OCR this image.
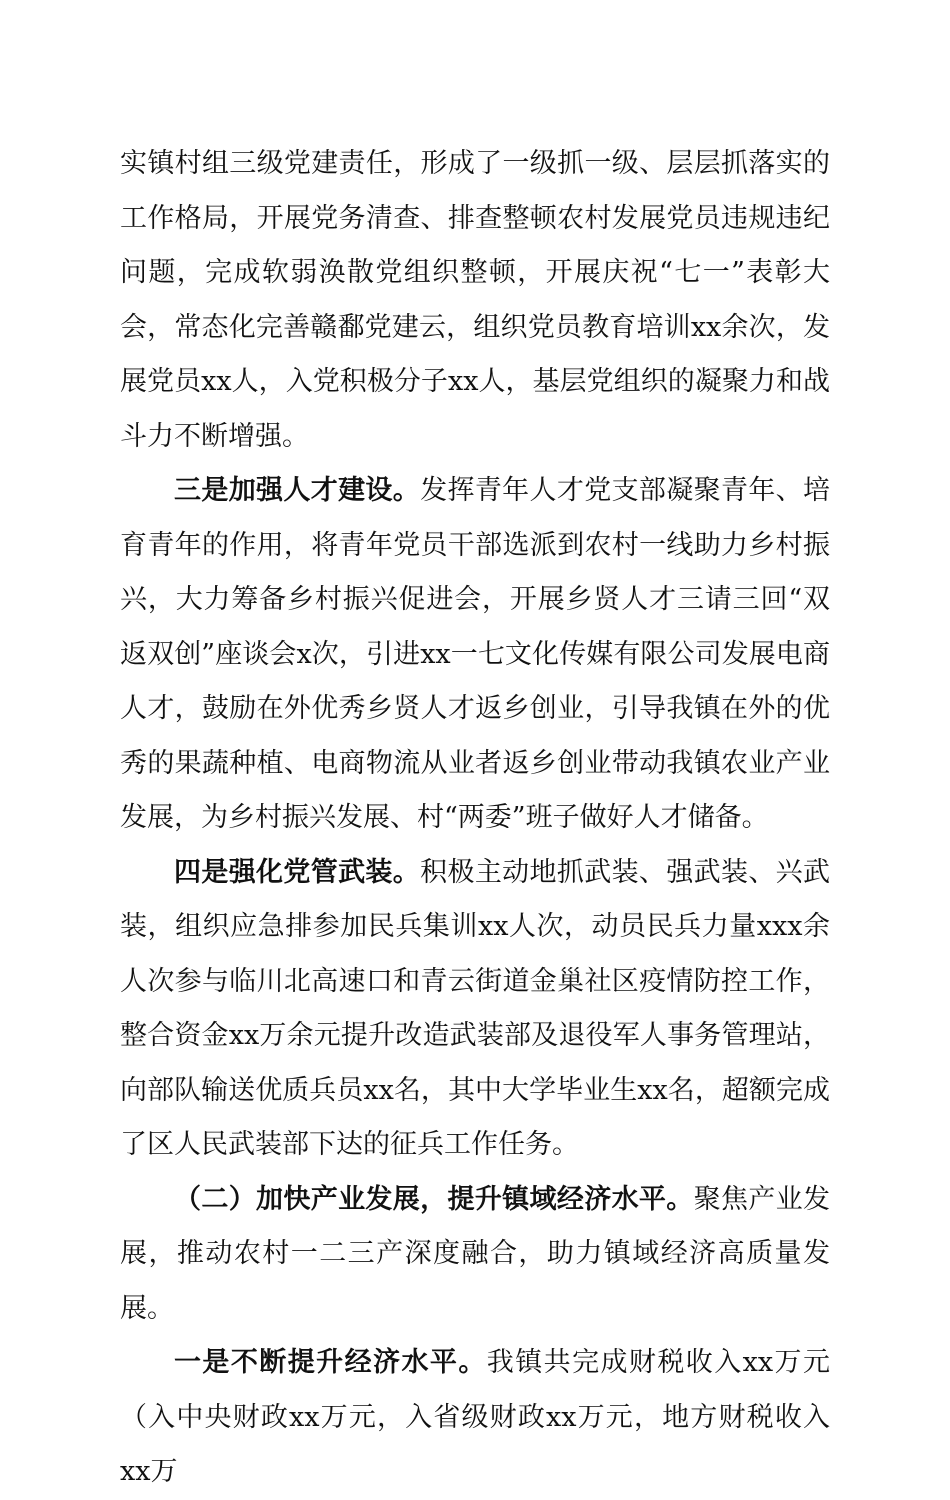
实镇村组三级党建责任，形成了一级抓一级、层层抓落实的工作格局，开展党务清查、排查整顿农村发展党员违规违纪问题，完成软弱涣散党组织整顿，开展庆祝“七一”表彰大会，常态化完善赣鄱党建云，组织党员教育培训xx余次，发展党员xx人，入党积极分子xx人，基层党组织的凝聚力和战斗力不断增强。

三是加强人才建设。发挥青年人才党支部凝聚青年、培育青年的作用，将青年党员干部选派到农村一线助力乡村振兴，大力筹备乡村振兴促进会，开展乡贤人才三请三回“双返双创”座谈会x次，引进xx一七文化传媒有限公司发展电商人才，鼓励在外优秀乡贤人才返乡创业，引导我镇在外的优秀的果蔬种植、电商物流从业者返乡创业带动我镇农业产业发展，为乡村振兴发展、村“两委”班子做好人才储备。

四是强化党管武装。积极主动地抓武装、强武装、兴武装，组织应急排参加民兵集训xx人次，动员民兵力量xxx余人次参与临川北高速口和青云街道金巢社区疫情防控工作，整合资金xx万余元提升改造武装部及退役军人事务管理站，向部队输送优质兵员xx名，其中大学毕业生xx名，超额完成了区人民武装部下达的征兵工作任务。

（二）加快产业发展，提升镇域经济水平。聚焦产业发展，推动农村一二三产深度融合，助力镇域经济高质量发展。

一是不断提升经济水平。我镇共完成财税收入xx万元（入中央财政xx万元，入省级财政xx万元，地方财税收入xx万
